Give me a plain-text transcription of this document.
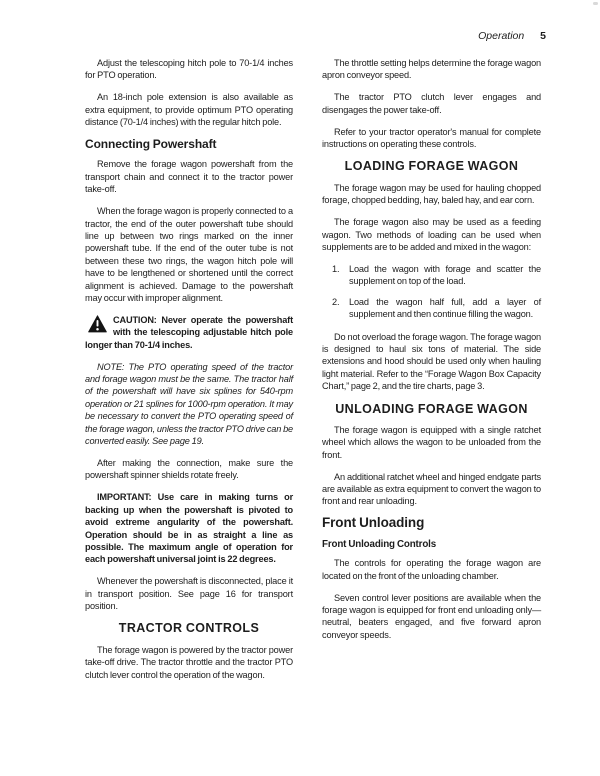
Operation 5

Adjust the telescoping hitch pole to 70-1/4 inches for PTO operation.

An 18-inch pole extension is also available as extra equipment, to provide optimum PTO operating distance (70-1/4 inches) with the regular hitch pole.

Connecting Powershaft

Remove the forage wagon powershaft from the transport chain and connect it to the tractor power take-off.

When the forage wagon is properly connected to a tractor, the end of the outer powershaft tube should line up between two rings marked on the inner powershaft tube. If the end of the outer tube is not between these two rings, the wagon hitch pole will have to be lengthened or shortened until the correct alignment is achieved. Damage to the powershaft may occur with improper alignment.

CAUTION: Never operate the powershaft with the telescoping adjustable hitch pole longer than 70-1/4 inches.

NOTE: The PTO operating speed of the tractor and forage wagon must be the same. The tractor half of the powershaft will have six splines for 540-rpm operation or 21 splines for 1000-rpm operation. It may be necessary to convert the PTO operating speed of the forage wagon, unless the tractor PTO drive can be converted easily. See page 19.

After making the connection, make sure the powershaft spinner shields rotate freely.

IMPORTANT: Use care in making turns or backing up when the powershaft is pivoted to avoid extreme angularity of the powershaft. Operation should be in as straight a line as possible. The maximum angle of operation for each powershaft universal joint is 22 degrees.

Whenever the powershaft is disconnected, place it in transport position. See page 16 for transport position.

TRACTOR CONTROLS

The forage wagon is powered by the tractor power take-off drive. The tractor throttle and the tractor PTO clutch lever control the operation of the wagon.

The throttle setting helps determine the forage wagon apron conveyor speed.

The tractor PTO clutch lever engages and disengages the power take-off.

Refer to your tractor operator's manual for complete instructions on operating these controls.

LOADING FORAGE WAGON

The forage wagon may be used for hauling chopped forage, chopped bedding, hay, baled hay, and ear corn.

The forage wagon also may be used as a feeding wagon. Two methods of loading can be used when supplements are to be added and mixed in the wagon:

1. Load the wagon with forage and scatter the supplement on top of the load.
2. Load the wagon half full, add a layer of supplement and then continue filling the wagon.

Do not overload the forage wagon. The forage wagon is designed to haul six tons of material. The side extensions and hood should be used only when hauling light material. Refer to the “Forage Wagon Box Capacity Chart,” page 2, and the tire charts, page 3.

UNLOADING FORAGE WAGON

The forage wagon is equipped with a single ratchet wheel which allows the wagon to be unloaded from the front.

An additional ratchet wheel and hinged endgate parts are available as extra equipment to convert the wagon to front and rear unloading.

Front Unloading
Front Unloading Controls

The controls for operating the forage wagon are located on the front of the unloading chamber.

Seven control lever positions are available when the forage wagon is equipped for front end unloading only—neutral, beaters engaged, and five forward apron conveyor speeds.
